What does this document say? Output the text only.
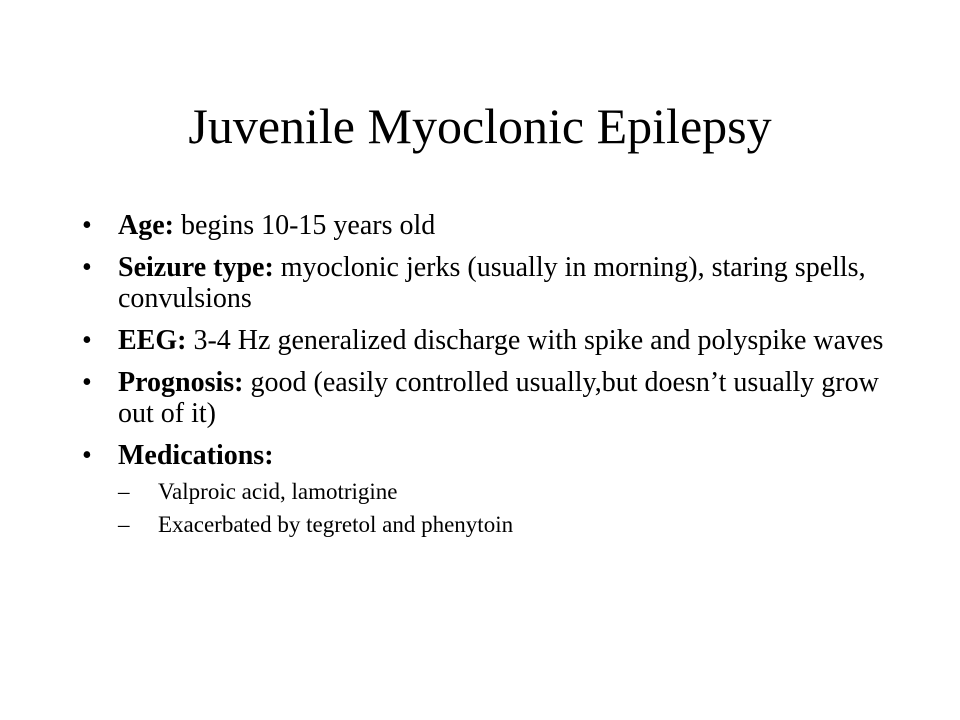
Juvenile Myoclonic Epilepsy
• Age: begins 10-15 years old
• Seizure type: myoclonic jerks (usually in morning), staring spells, convulsions
• EEG: 3-4 Hz generalized discharge with spike and polyspike waves
• Prognosis: good (easily controlled usually,but doesn’t usually grow out of it)
• Medications:
– Valproic acid, lamotrigine
– Exacerbated by tegretol and phenytoin
